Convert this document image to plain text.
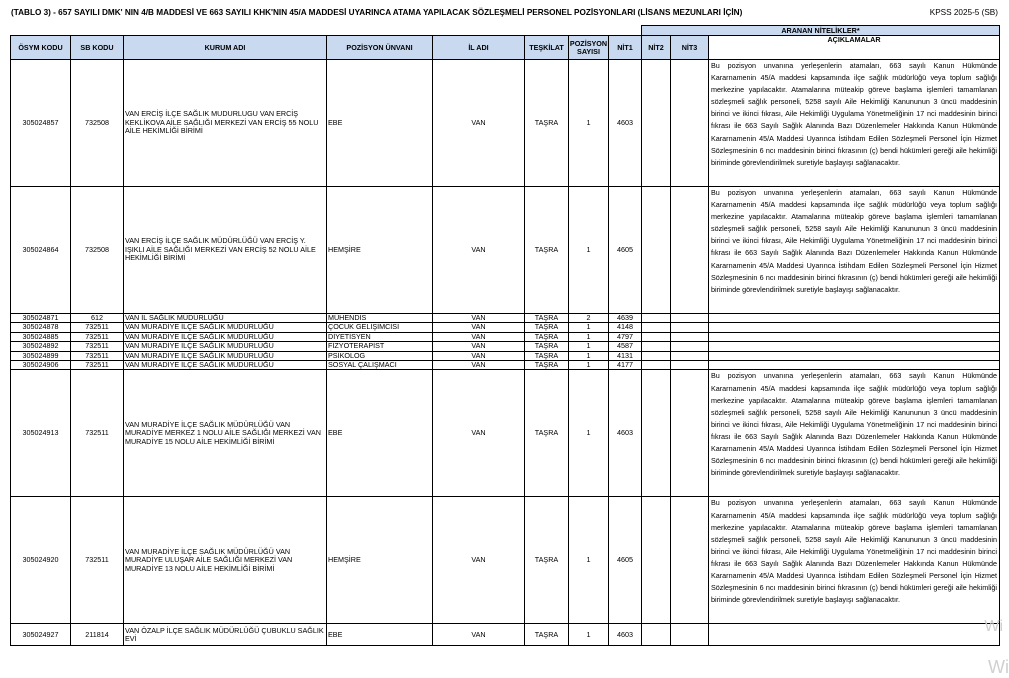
(TABLO 3) - 657 SAYILI DMK' NIN 4/B MADDESİ VE 663 SAYILI KHK'NIN 45/A MADDESİ UYARINCA ATAMA YAPILACAK SÖZLEŞMELİ PERSONEL POZİSYONLARI (LİSANS MEZUNLARI İÇİN)	KPSS 2025-5 (SB)
								ARANAN NİTELİKLER*		
ÖSYM KODU	SB KODU	KURUM ADI	POZİSYON ÜNVANI	İL ADI	TEŞKİLAT	POZİSYON SAYISI	NİT1	NİT2	NİT3	AÇIKLAMALAR
305024857	732508	VAN ERCİŞ İLÇE SAĞLIK MUDURLUGU VAN ERCİŞ KEKLİKOVA AİLE SAĞLIĞI MERKEZİ VAN ERCİŞ 55 NOLU AİLE HEKİMLİĞİ BİRİMİ	EBE	VAN	TAŞRA	1	4603			Bu pozisyon unvanına yerleşenlerin atamaları, 663 sayılı Kanun Hükmünde Kararnamenin 45/A maddesi kapsamında ilçe sağlık müdürlüğü veya toplum sağlığı merkezine yapılacaktır. Atamalarına müteakip göreve başlama işlemleri tamamlanan sözleşmeli sağlık personeli, 5258 sayılı Aile Hekimliği Kanununun 3 üncü maddesinin birinci ve ikinci fıkrası, Aile Hekimliği Uygulama Yönetmeliğinin 17 nci maddesinin birinci fıkrası ile 663 Sayılı Sağlık Alanında Bazı Düzenlemeler Hakkında Kanun Hükmünde Kararnamenin 45/A Maddesi Uyarınca İstihdam Edilen Sözleşmeli Personel İçin Hizmet Sözleşmesinin 6 ncı maddesinin birinci fıkrasının (ç) bendi hükümleri gereği aile hekimliği biriminde görevlendirilmek suretiyle başlayışı sağlanacaktır.
305024864	732508	VAN ERCİŞ İLÇE SAĞLIK MÜDÜRLÜĞÜ VAN ERCİŞ Y. IŞIKLI AİLE SAĞLIĞI MERKEZİ VAN ERCİŞ 52 NOLU AİLE HEKİMLİĞİ BİRİMİ	HEMŞİRE	VAN	TAŞRA	1	4605			Bu pozisyon unvanına yerleşenlerin atamaları, 663 sayılı Kanun Hükmünde Kararnamenin 45/A maddesi kapsamında ilçe sağlık müdürlüğü veya toplum sağlığı merkezine yapılacaktır. Atamalarına müteakip göreve başlama işlemleri tamamlanan sözleşmeli sağlık personeli, 5258 sayılı Aile Hekimliği Kanununun 3 üncü maddesinin birinci ve ikinci fıkrası, Aile Hekimliği Uygulama Yönetmeliğinin 17 nci maddesinin birinci fıkrası ile 663 Sayılı Sağlık Alanında Bazı Düzenlemeler Hakkında Kanun Hükmünde Kararnamenin 45/A Maddesi Uyarınca İstihdam Edilen Sözleşmeli Personel İçin Hizmet Sözleşmesinin 6 ncı maddesinin birinci fıkrasının (ç) bendi hükümleri gereği aile hekimliği biriminde görevlendirilmek suretiyle başlayışı sağlanacaktır.
305024871	612	VAN İL SAĞLIK MÜDÜRLÜĞÜ	MÜHENDİS	VAN	TAŞRA	2	4639			
305024878	732511	VAN MURADİYE İLÇE SAĞLIK MÜDÜRLÜĞÜ	ÇOCUK GELİŞİMCİSİ	VAN	TAŞRA	1	4148			
305024885	732511	VAN MURADİYE İLÇE SAĞLIK MÜDÜRLÜĞÜ	DİYETİSYEN	VAN	TAŞRA	1	4797			
305024892	732511	VAN MURADİYE İLÇE SAĞLIK MÜDÜRLÜĞÜ	FİZYOTERAPİST	VAN	TAŞRA	1	4587			
305024899	732511	VAN MURADİYE İLÇE SAĞLIK MÜDÜRLÜĞÜ	PSİKOLOG	VAN	TAŞRA	1	4131			
305024906	732511	VAN MURADİYE İLÇE SAĞLIK MÜDÜRLÜĞÜ	SOSYAL ÇALIŞMACI	VAN	TAŞRA	1	4177			
305024913	732511	VAN MURADİYE İLÇE SAĞLIK MÜDÜRLÜĞÜ VAN MURADİYE MERKEZ 1 NOLU AİLE SAĞLIĞI MERKEZİ VAN MURADİYE 15 NOLU AİLE HEKİMLİĞİ BİRİMİ	EBE	VAN	TAŞRA	1	4603			Bu pozisyon unvanına yerleşenlerin atamaları, 663 sayılı Kanun Hükmünde Kararnamenin 45/A maddesi kapsamında ilçe sağlık müdürlüğü veya toplum sağlığı merkezine yapılacaktır. Atamalarına müteakip göreve başlama işlemleri tamamlanan sözleşmeli sağlık personeli, 5258 sayılı Aile Hekimliği Kanununun 3 üncü maddesinin birinci ve ikinci fıkrası, Aile Hekimliği Uygulama Yönetmeliğinin 17 nci maddesinin birinci fıkrası ile 663 Sayılı Sağlık Alanında Bazı Düzenlemeler Hakkında Kanun Hükmünde Kararnamenin 45/A Maddesi Uyarınca İstihdam Edilen Sözleşmeli Personel İçin Hizmet Sözleşmesinin 6 ncı maddesinin birinci fıkrasının (ç) bendi hükümleri gereği aile hekimliği biriminde görevlendirilmek suretiyle başlayışı sağlanacaktır.
305024920	732511	VAN MURADİYE İLÇE SAĞLIK MÜDÜRLÜĞÜ VAN MURADİYE ULUŞAR AİLE SAĞLIĞI MERKEZİ VAN MURADİYE 13 NOLU AİLE HEKİMLİĞİ BİRİMİ	HEMŞİRE	VAN	TAŞRA	1	4605			Bu pozisyon unvanına yerleşenlerin atamaları, 663 sayılı Kanun Hükmünde Kararnamenin 45/A maddesi kapsamında ilçe sağlık müdürlüğü veya toplum sağlığı merkezine yapılacaktır. Atamalarına müteakip göreve başlama işlemleri tamamlanan sözleşmeli sağlık personeli, 5258 sayılı Aile Hekimliği Kanununun 3 üncü maddesinin birinci ve ikinci fıkrası, Aile Hekimliği Uygulama Yönetmeliğinin 17 nci maddesinin birinci fıkrası ile 663 Sayılı Sağlık Alanında Bazı Düzenlemeler Hakkında Kanun Hükmünde Kararnamenin 45/A Maddesi Uyarınca İstihdam Edilen Sözleşmeli Personel İçin Hizmet Sözleşmesinin 6 ncı maddesinin birinci fıkrasının (ç) bendi hükümleri gereği aile hekimliği biriminde görevlendirilmek suretiyle başlayışı sağlanacaktır.
305024927	211814	VAN ÖZALP İLÇE SAĞLIK MÜDÜRLÜĞÜ ÇUBUKLU SAĞLIK EVİ	EBE	VAN	TAŞRA	1	4603				Wi
Wi
